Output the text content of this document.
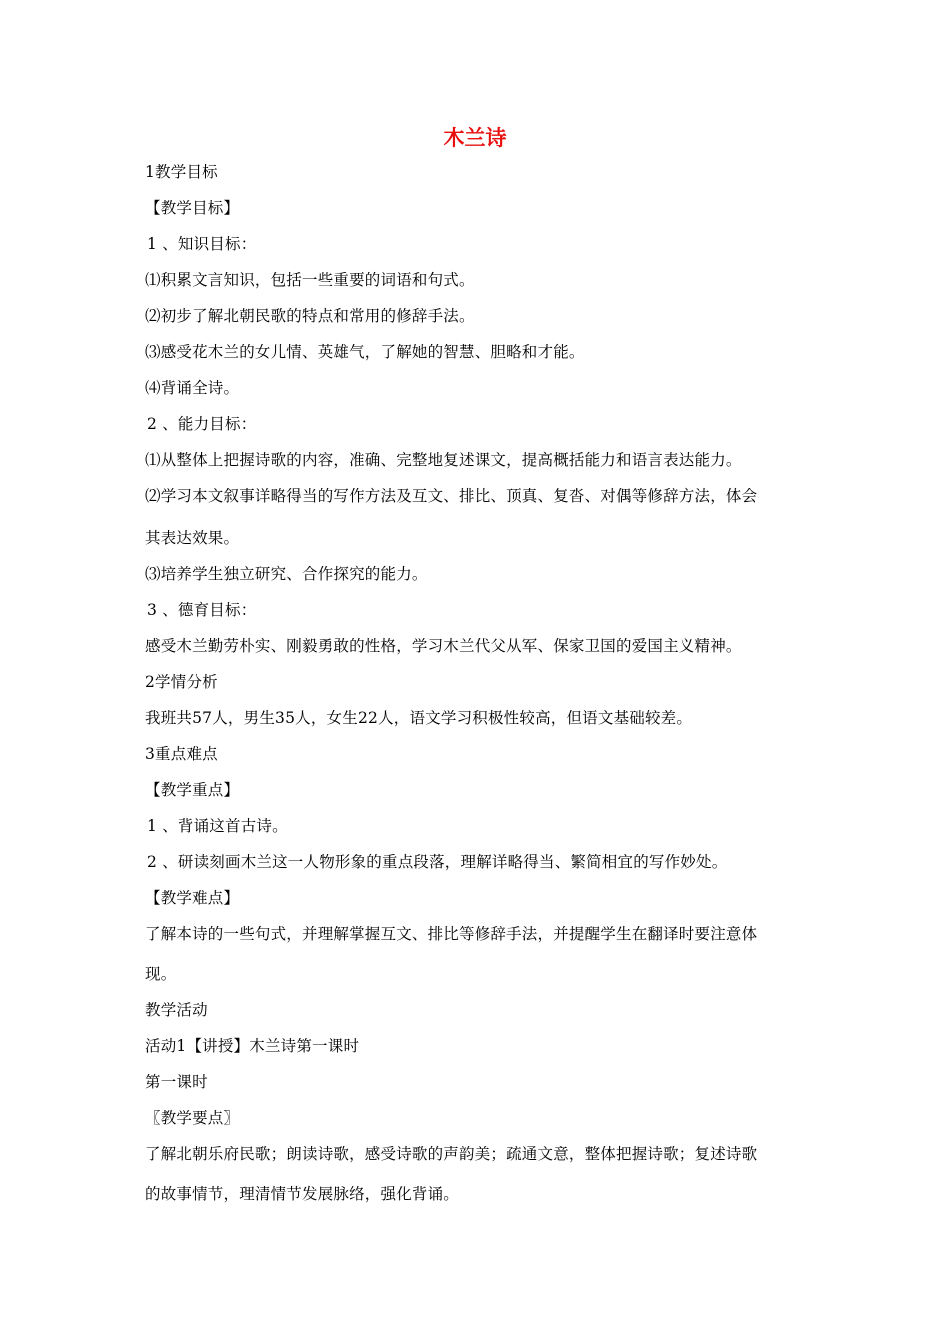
木兰诗
1教学目标
【教学目标】
1 、知识目标：
⑴积累文言知识，包括一些重要的词语和句式。
⑵初步了解北朝民歌的特点和常用的修辞手法。
⑶感受花木兰的女儿情、英雄气，了解她的智慧、胆略和才能。
⑷背诵全诗。
2 、能力目标：
⑴从整体上把握诗歌的内容，准确、完整地复述课文，提高概括能力和语言表达能力。
⑵学习本文叙事详略得当的写作方法及互文、排比、顶真、复沓、对偶等修辞方法，体会
其表达效果。
⑶培养学生独立研究、合作探究的能力。
3 、德育目标：
感受木兰勤劳朴实、刚毅勇敢的性格，学习木兰代父从军、保家卫国的爱国主义精神。
2学情分析
我班共57人，男生35人，女生22人，语文学习积极性较高，但语文基础较差。
3重点难点
【教学重点】
1 、背诵这首古诗。
2 、研读刻画木兰这一人物形象的重点段落，理解详略得当、繁简相宜的写作妙处。
【教学难点】
了解本诗的一些句式，并理解掌握互文、排比等修辞手法，并提醒学生在翻译时要注意体
现。
教学活动
活动1【讲授】木兰诗第一课时
第一课时
〖教学要点〗
了解北朝乐府民歌；朗读诗歌，感受诗歌的声韵美；疏通文意，整体把握诗歌；复述诗歌
的故事情节，理清情节发展脉络，强化背诵。
